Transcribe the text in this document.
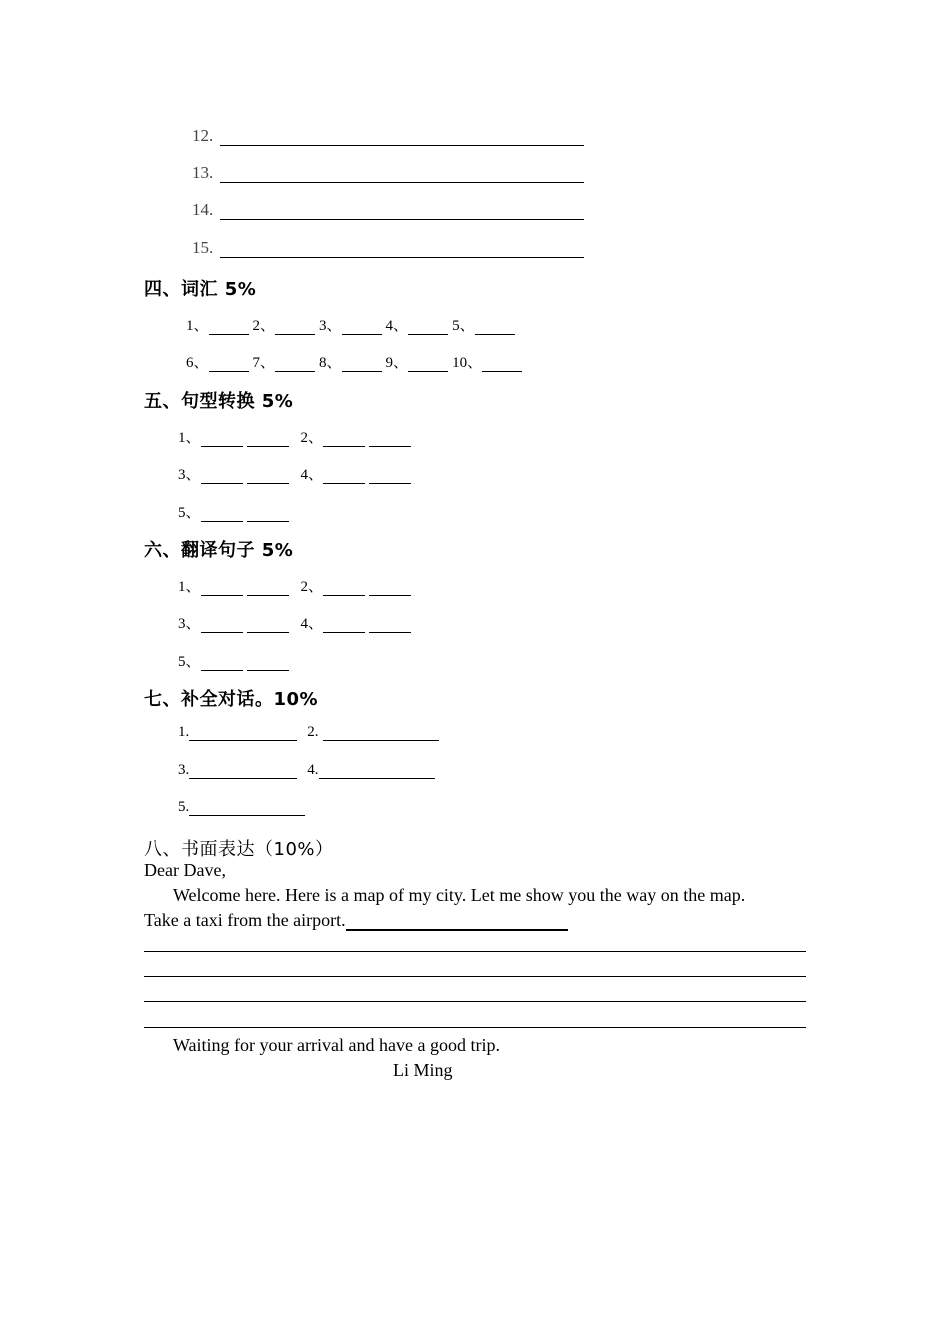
12.
13.
14.
15.
四、词汇 5%
1、	2、	3、	4、	5、
6、	7、	8、	9、	10、
五、句型转换 5%
1、	2、
3、	4、
5、
六、翻译句子 5%
1、	2、
3、	4、
5、
七、补全对话。10%
1.	2.
3.	4.
5.
八、书面表达（10%）
Dear Dave,
Welcome here. Here is a map of my city. Let me show you the way on the map.
Take a taxi from the airport.
Waiting for your arrival and have a good trip.
Li Ming
